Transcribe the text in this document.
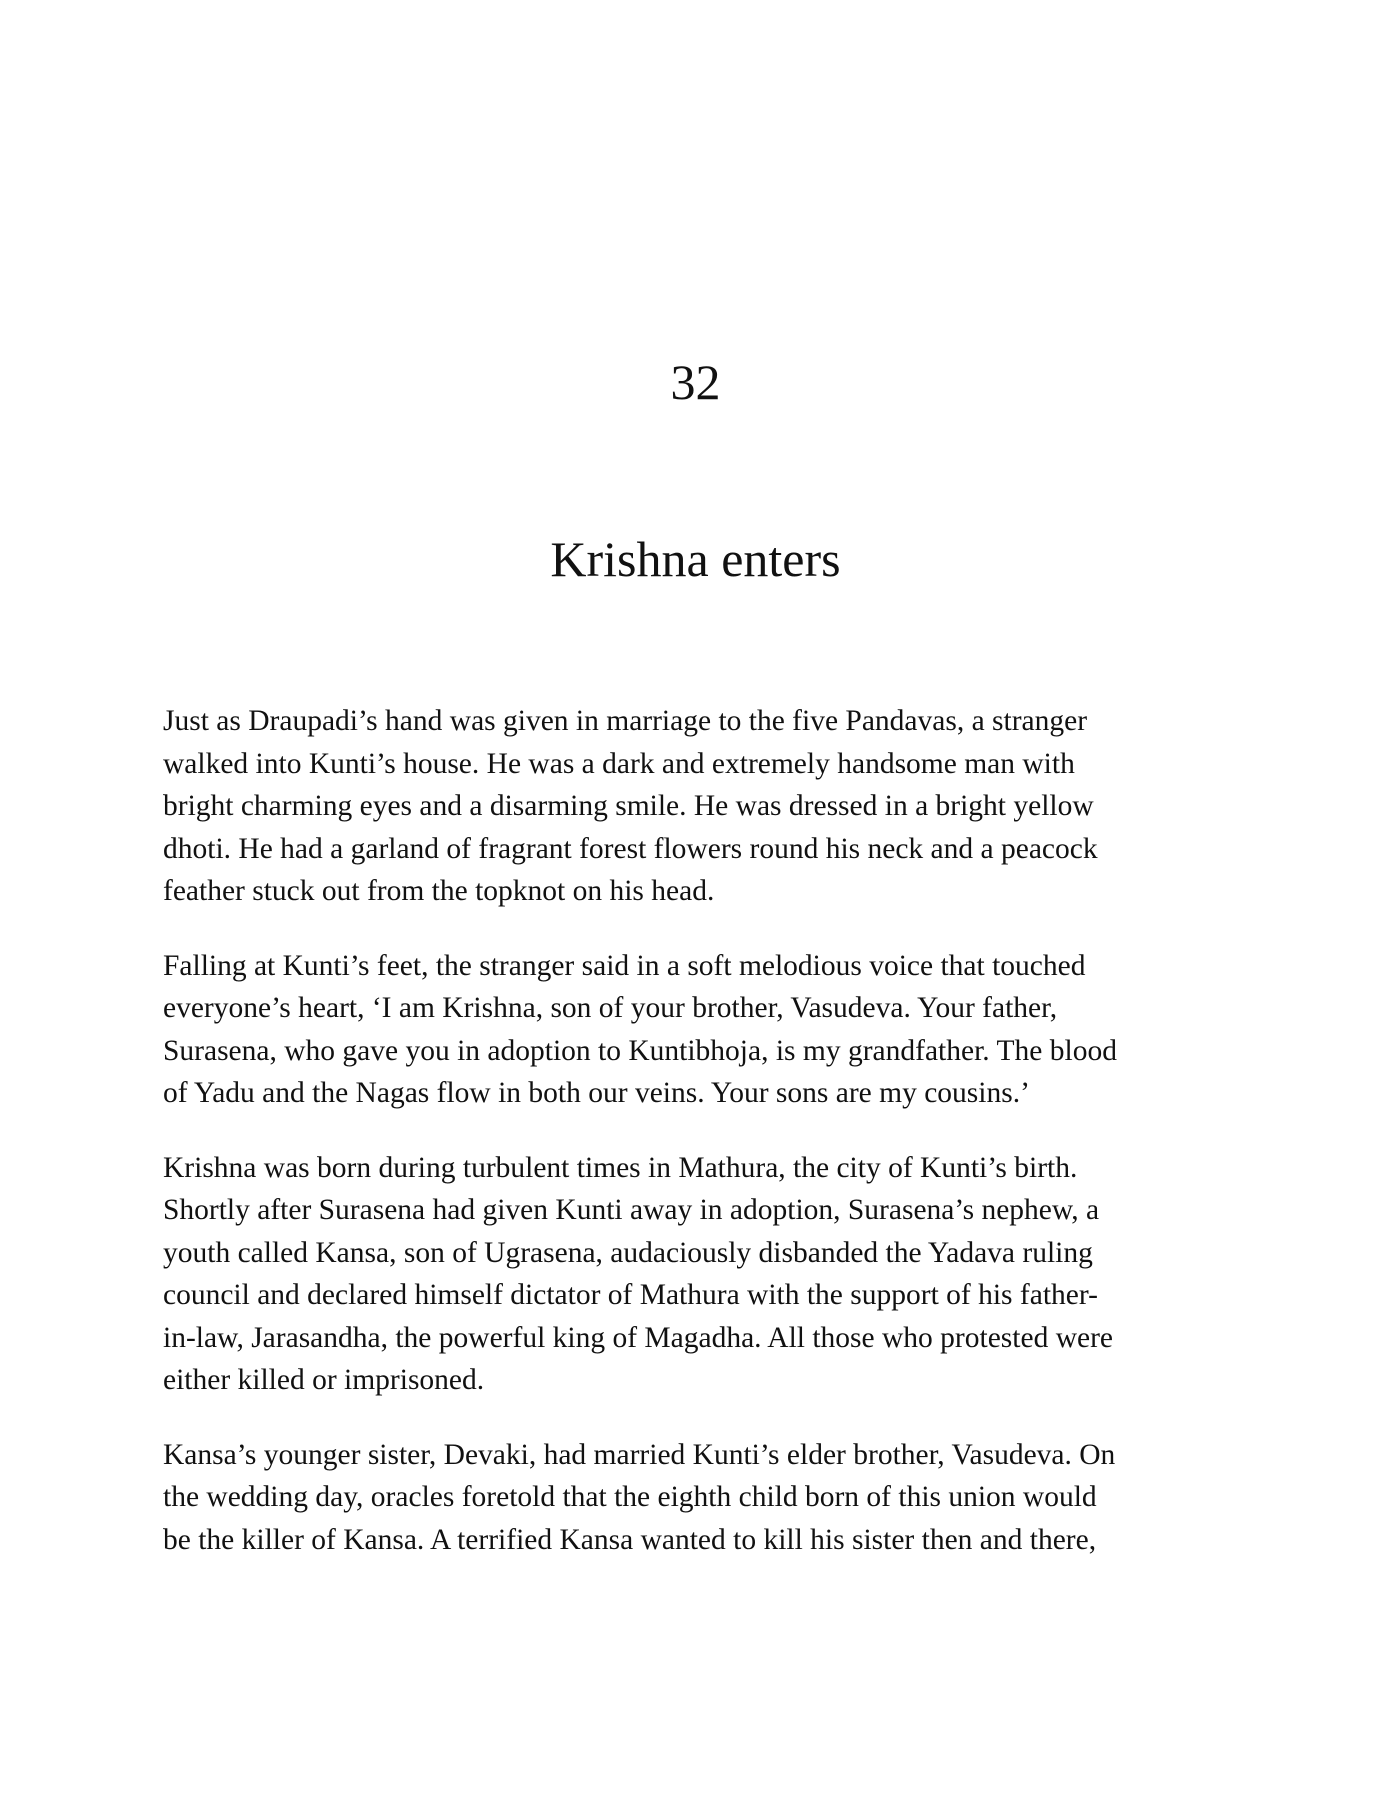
32
Krishna enters

Just as Draupadi’s hand was given in marriage to the five Pandavas, a stranger
walked into Kunti’s house. He was a dark and extremely handsome man with
bright charming eyes and a disarming smile. He was dressed in a bright yellow
dhoti. He had a garland of fragrant forest flowers round his neck and a peacock
feather stuck out from the topknot on his head.

Falling at Kunti’s feet, the stranger said in a soft melodious voice that touched
everyone’s heart, ‘I am Krishna, son of your brother, Vasudeva. Your father,
Surasena, who gave you in adoption to Kuntibhoja, is my grandfather. The blood
of Yadu and the Nagas flow in both our veins. Your sons are my cousins.’

Krishna was born during turbulent times in Mathura, the city of Kunti’s birth.
Shortly after Surasena had given Kunti away in adoption, Surasena’s nephew, a
youth called Kansa, son of Ugrasena, audaciously disbanded the Yadava ruling
council and declared himself dictator of Mathura with the support of his father-
in-law, Jarasandha, the powerful king of Magadha. All those who protested were
either killed or imprisoned.

Kansa’s younger sister, Devaki, had married Kunti’s elder brother, Vasudeva. On
the wedding day, oracles foretold that the eighth child born of this union would
be the killer of Kansa. A terrified Kansa wanted to kill his sister then and there,
